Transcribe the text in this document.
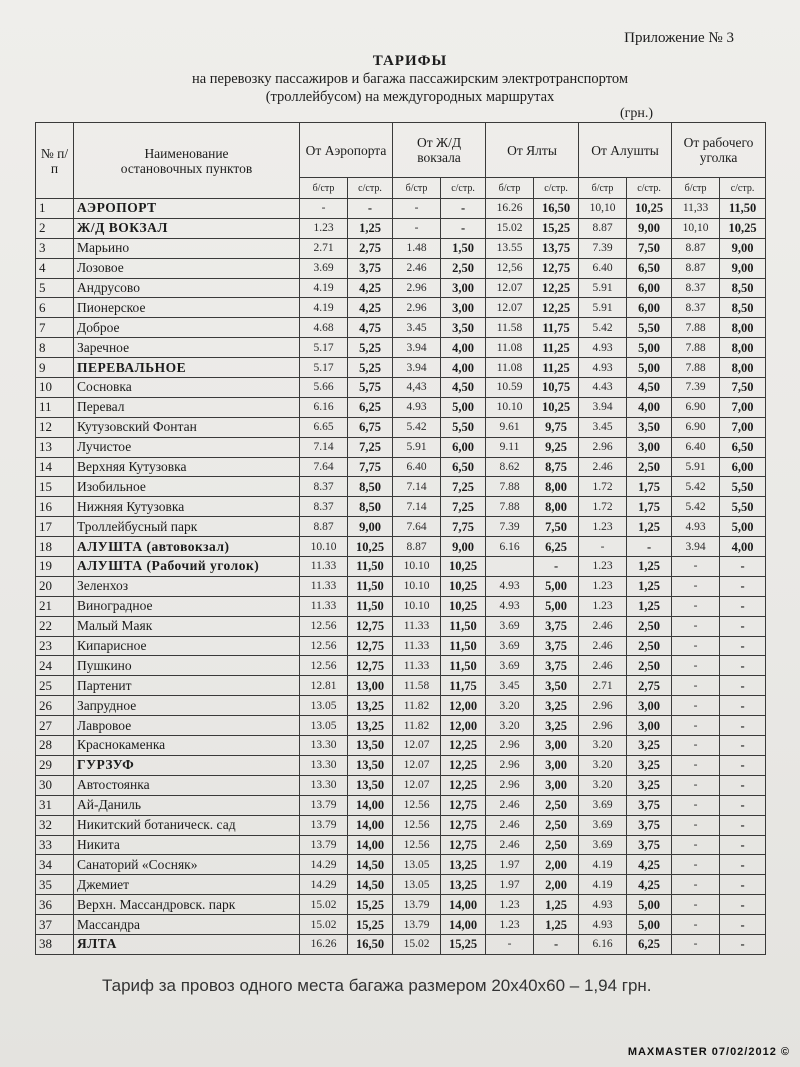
Приложение № 3
ТАРИФЫ
на перевозку пассажиров и багажа пассажирским электротранспортом
(троллейбусом) на междугородных маршрутах
(грн.)
№ п/п	Наименование остановочных пунктов	От Аэропорта		От Ж/Д вокзала		От Ялты		От Алушты		От рабочего уголка	
		б/стр	с/стр.	б/стр	с/стр.	б/стр	с/стр.	б/стр	с/стр.	б/стр	с/стр.
1	АЭРОПОРТ	-	-	-	-	16.26	16,50	10,10	10,25	11,33	11,50
2	Ж/Д ВОКЗАЛ	1.23	1,25	-	-	15.02	15,25	8.87	9,00	10,10	10,25
3	Марьино	2.71	2,75	1.48	1,50	13.55	13,75	7.39	7,50	8.87	9,00
4	Лозовое	3.69	3,75	2.46	2,50	12,56	12,75	6.40	6,50	8.87	9,00
5	Андрусово	4.19	4,25	2.96	3,00	12.07	12,25	5.91	6,00	8.37	8,50
6	Пионерское	4.19	4,25	2.96	3,00	12.07	12,25	5.91	6,00	8.37	8,50
7	Доброе	4.68	4,75	3.45	3,50	11.58	11,75	5.42	5,50	7.88	8,00
8	Заречное	5.17	5,25	3.94	4,00	11.08	11,25	4.93	5,00	7.88	8,00
9	ПЕРЕВАЛЬНОЕ	5.17	5,25	3.94	4,00	11.08	11,25	4.93	5,00	7.88	8,00
10	Сосновка	5.66	5,75	4,43	4,50	10.59	10,75	4.43	4,50	7.39	7,50
11	Перевал	6.16	6,25	4.93	5,00	10.10	10,25	3.94	4,00	6.90	7,00
12	Кутузовский Фонтан	6.65	6,75	5.42	5,50	9.61	9,75	3.45	3,50	6.90	7,00
13	Лучистое	7.14	7,25	5.91	6,00	9.11	9,25	2.96	3,00	6.40	6,50
14	Верхняя Кутузовка	7.64	7,75	6.40	6,50	8.62	8,75	2.46	2,50	5.91	6,00
15	Изобильное	8.37	8,50	7.14	7,25	7.88	8,00	1.72	1,75	5.42	5,50
16	Нижняя Кутузовка	8.37	8,50	7.14	7,25	7.88	8,00	1.72	1,75	5.42	5,50
17	Троллейбусный парк	8.87	9,00	7.64	7,75	7.39	7,50	1.23	1,25	4.93	5,00
18	АЛУШТА (автовокзал)	10.10	10,25	8.87	9,00	6.16	6,25	-	-	3.94	4,00
19	АЛУШТА (Рабочий уголок)	11.33	11,50	10.10	10,25		-	1.23	1,25	-	-
20	Зеленхоз	11.33	11,50	10.10	10,25	4.93	5,00	1.23	1,25	-	-
21	Виноградное	11.33	11,50	10.10	10,25	4.93	5,00	1.23	1,25	-	-
22	Малый Маяк	12.56	12,75	11.33	11,50	3.69	3,75	2.46	2,50	-	-
23	Кипарисное	12.56	12,75	11.33	11,50	3.69	3,75	2.46	2,50	-	-
24	Пушкино	12.56	12,75	11.33	11,50	3.69	3,75	2.46	2,50	-	-
25	Партенит	12.81	13,00	11.58	11,75	3.45	3,50	2.71	2,75	-	-
26	Запрудное	13.05	13,25	11.82	12,00	3.20	3,25	2.96	3,00	-	-
27	Лавровое	13.05	13,25	11.82	12,00	3.20	3,25	2.96	3,00	-	-
28	Краснокаменка	13.30	13,50	12.07	12,25	2.96	3,00	3.20	3,25	-	-
29	ГУРЗУФ	13.30	13,50	12.07	12,25	2.96	3,00	3.20	3,25	-	-
30	Автостоянка	13.30	13,50	12.07	12,25	2.96	3,00	3.20	3,25	-	-
31	Ай-Даниль	13.79	14,00	12.56	12,75	2.46	2,50	3.69	3,75	-	-
32	Никитский ботаническ. сад	13.79	14,00	12.56	12,75	2.46	2,50	3.69	3,75	-	-
33	Никита	13.79	14,00	12.56	12,75	2.46	2,50	3.69	3,75	-	-
34	Санаторий «Сосняк»	14.29	14,50	13.05	13,25	1.97	2,00	4.19	4,25	-	-
35	Джемиет	14.29	14,50	13.05	13,25	1.97	2,00	4.19	4,25	-	-
36	Верхн. Массандровск. парк	15.02	15,25	13.79	14,00	1.23	1,25	4.93	5,00	-	-
37	Массандра	15.02	15,25	13.79	14,00	1.23	1,25	4.93	5,00	-	-
38	ЯЛТА	16.26	16,50	15.02	15,25	-	-	6.16	6,25	-	-
Тариф за провоз одного места багажа размером 20х40х60 – 1,94 грн.
MAXMASTER 07/02/2012 ©
